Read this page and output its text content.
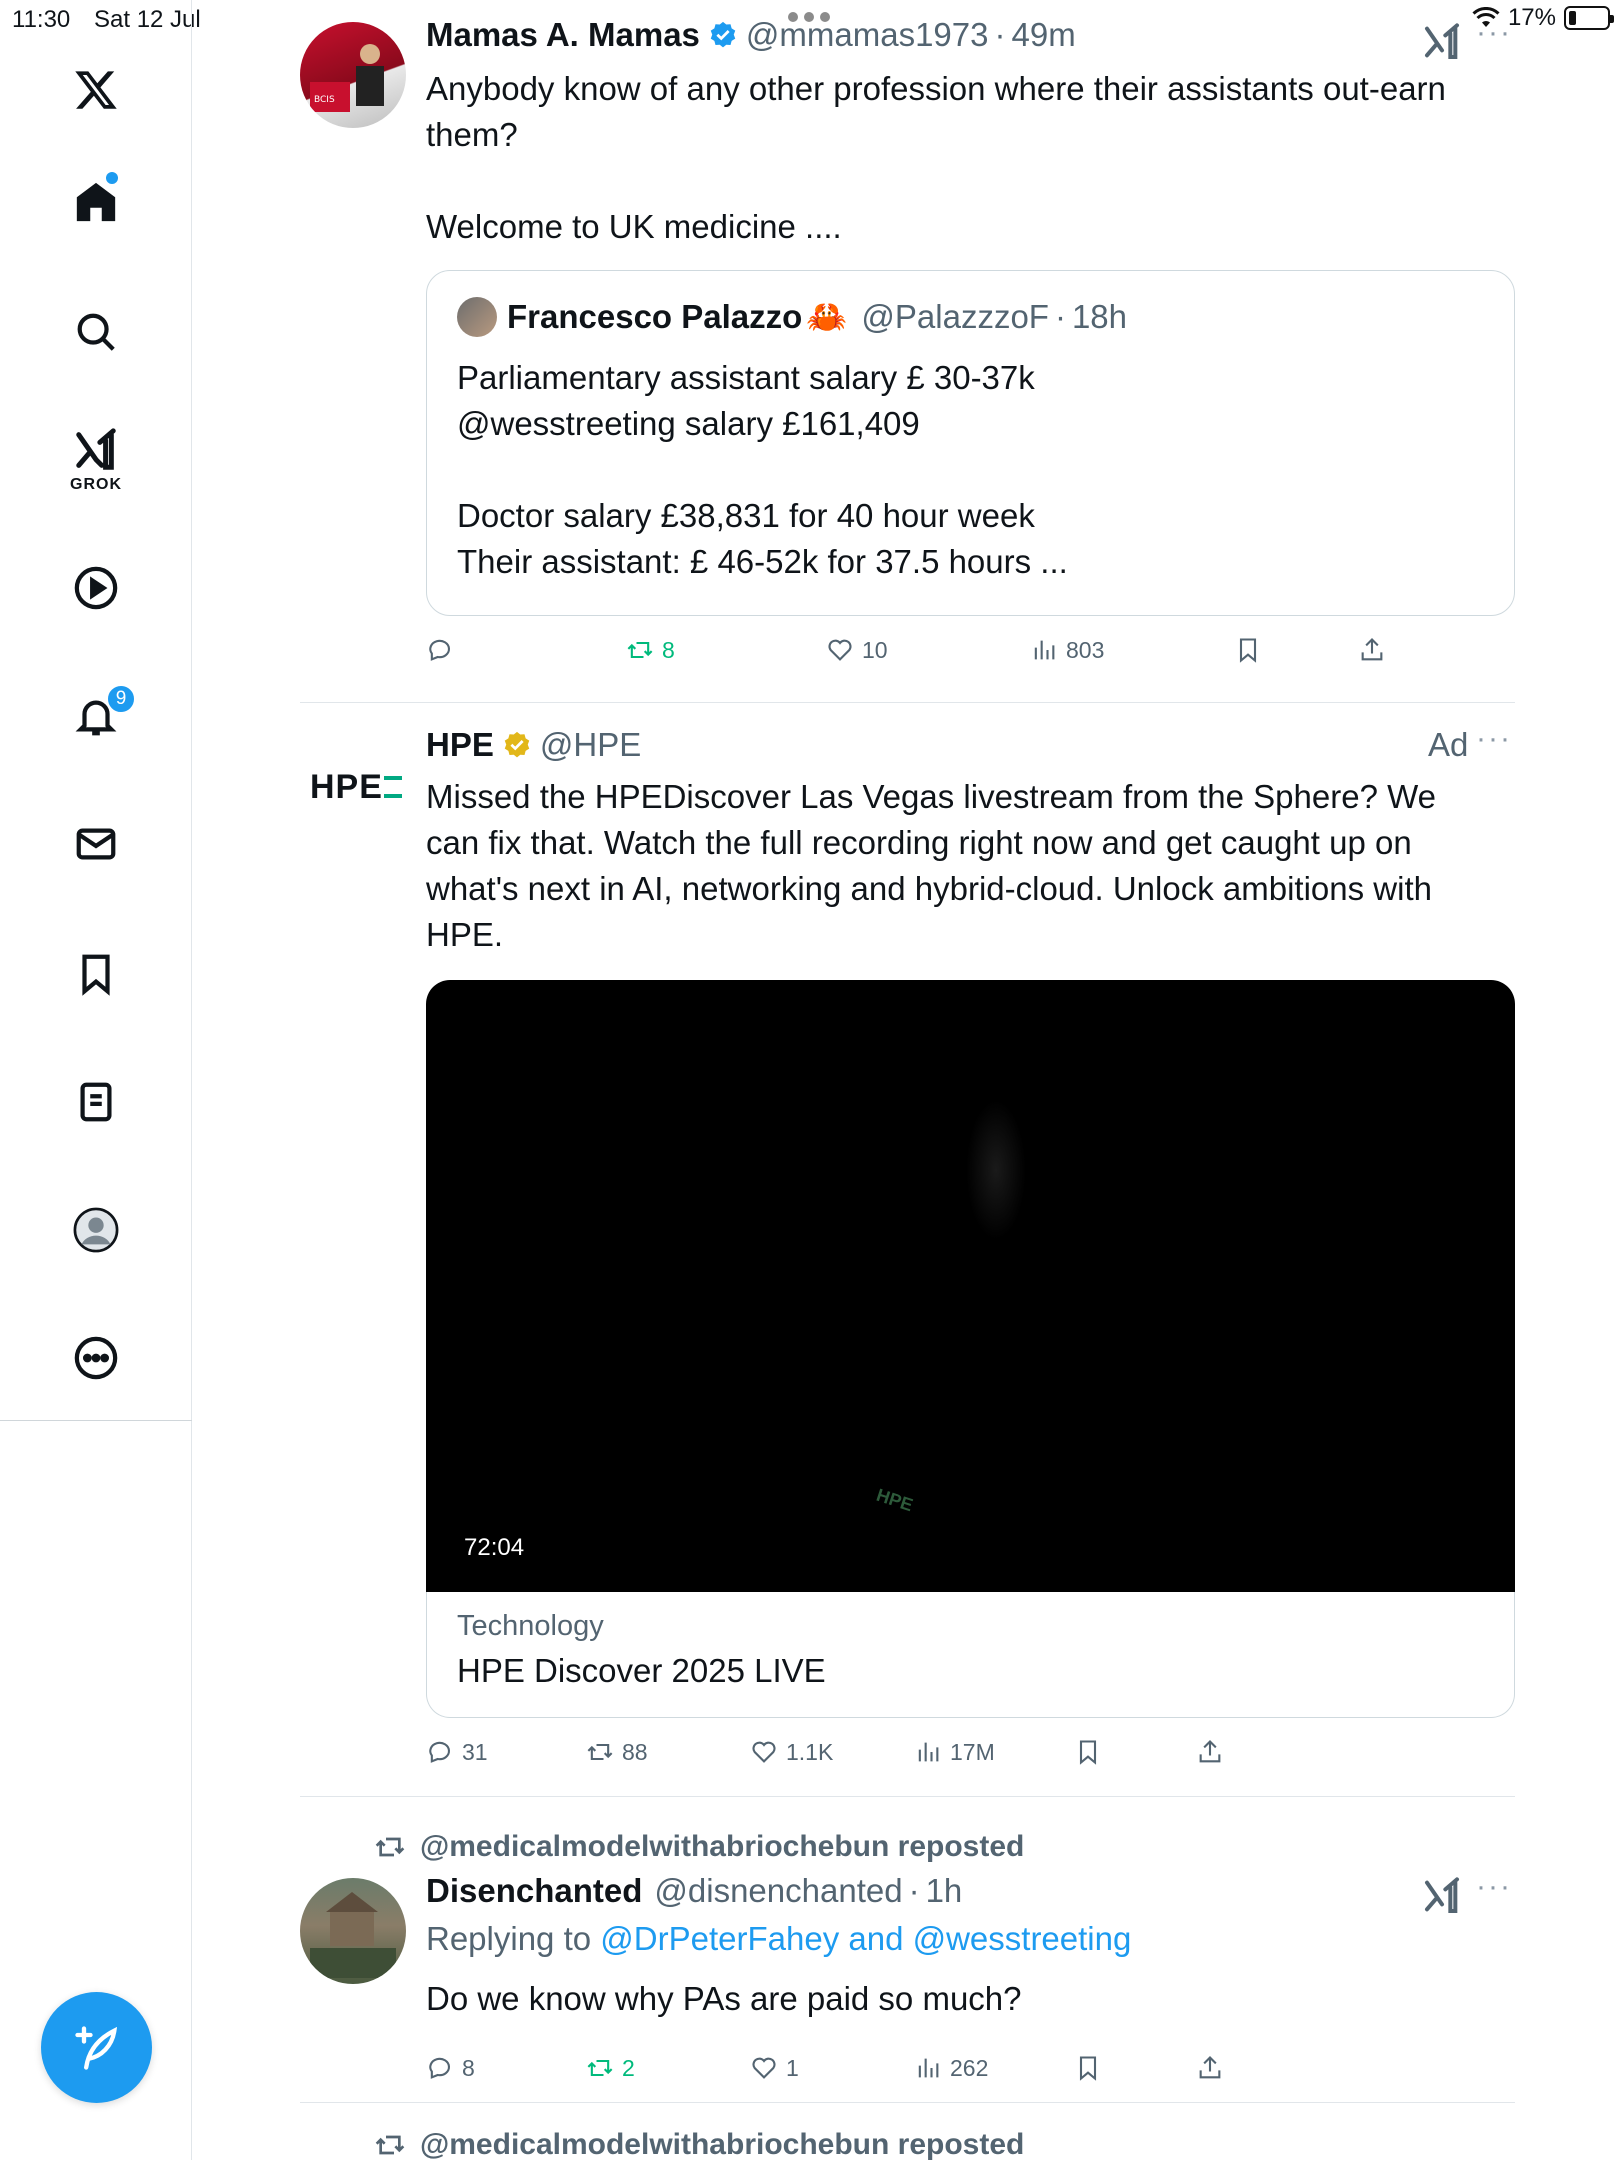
11:30 Sat 12 Jul	17%
GROK
9
BCIS
Mamas A. Mamas @mmamas1973 · 49m	···
Anybody know of any other profession where their assistants out-earn
them?
Welcome to UK medicine ....
Francesco Palazzo 🦀 @PalazzzoF · 18h
Parliamentary assistant salary £ 30-37k
@wesstreeting salary £161,409
Doctor salary £38,831 for 40 hour week
Their assistant: £ 46-52k for 37.5 hours ...
8	10	803
HPE
HPE @HPE	Ad ···
Missed the HPEDiscover Las Vegas livestream from the Sphere? We
can fix that. Watch the full recording right now and get caught up on
what's next in AI, networking and hybrid-cloud. Unlock ambitions with
HPE.
HPE
72:04
Technology
HPE Discover 2025 LIVE
31	88	1.1K	17M
@medicalmodelwithabriochebun reposted
Disenchanted @disnenchanted · 1h	···
Replying to @DrPeterFahey and @wesstreeting
Do we know why PAs are paid so much?
8	2	1	262
@medicalmodelwithabriochebun reposted
